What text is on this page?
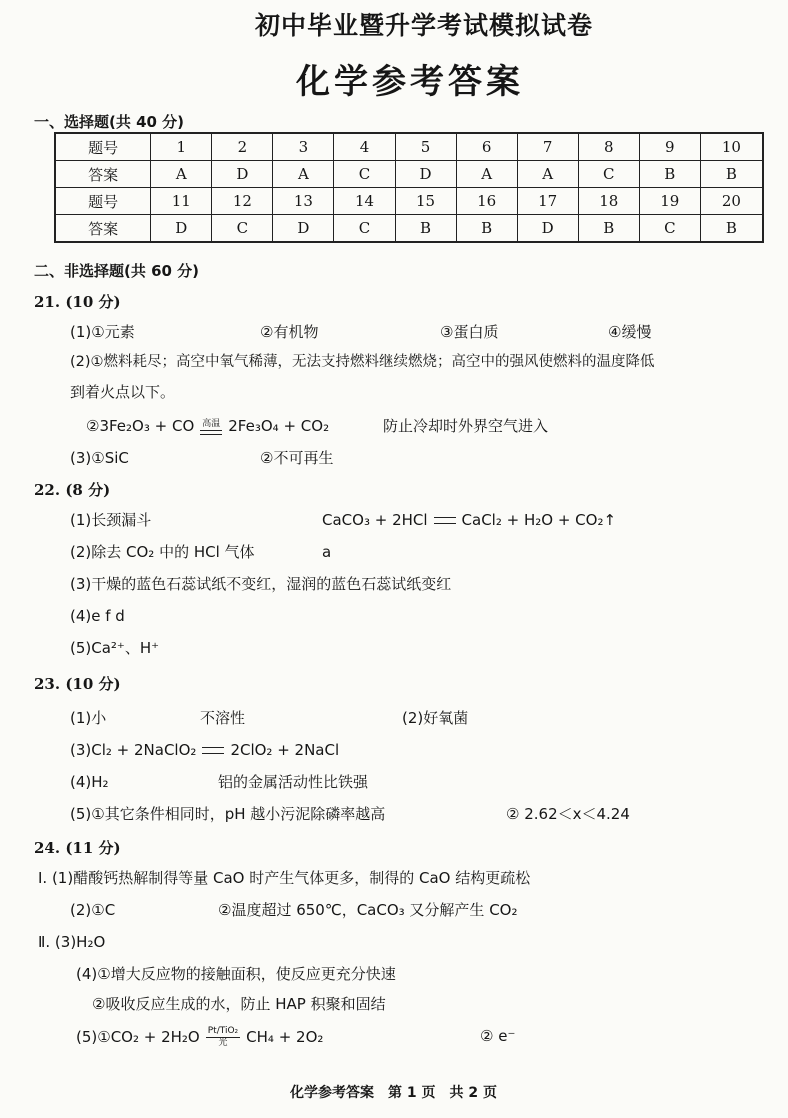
初中毕业暨升学考试模拟试卷
化学参考答案
一、选择题(共 40 分)
题号	1	2	3	4	5	6	7	8	9	10
答案	A	D	A	C	D	A	A	C	B	B
题号	11	12	13	14	15	16	17	18	19	20
答案	D	C	D	C	B	B	D	B	C	B
二、非选择题(共 60 分)
21. (10 分)
(1)①元素	②有机物	③蛋白质	④缓慢
(2)①燃料耗尽；高空中氧气稀薄，无法支持燃料继续燃烧；高空中的强风使燃料的温度降低
到着火点以下。
②3Fe₂O₃ + CO 高温 2Fe₃O₄ + CO₂	防止冷却时外界空气进入
(3)①SiC	②不可再生
22. (8 分)
(1)长颈漏斗	CaCO₃ + 2HCl CaCl₂ + H₂O + CO₂↑
(2)除去 CO₂ 中的 HCl 气体	a
(3)干燥的蓝色石蕊试纸不变红，湿润的蓝色石蕊试纸变红
(4)e f d
(5)Ca²⁺、H⁺
23. (10 分)
(1)小	不溶性	(2)好氧菌
(3)Cl₂ + 2NaClO₂ 2ClO₂ + 2NaCl
(4)H₂	铝的金属活动性比铁强
(5)①其它条件相同时，pH 越小污泥除磷率越高	② 2.62＜x＜4.24
24. (11 分)
Ⅰ. (1)醋酸钙热解制得等量 CaO 时产生气体更多，制得的 CaO 结构更疏松
(2)①C	②温度超过 650℃，CaCO₃ 又分解产生 CO₂
Ⅱ. (3)H₂O
(4)①增大反应物的接触面积，使反应更充分快速
②吸收反应生成的水，防止 HAP 积聚和固结
(5)①CO₂ + $2H_2O \frac{\text{Pt/TiO₂}}{\text{光}} CH_4 + 2O_2$	② e⁻
化学参考答案　第 1 页　共 2 页
